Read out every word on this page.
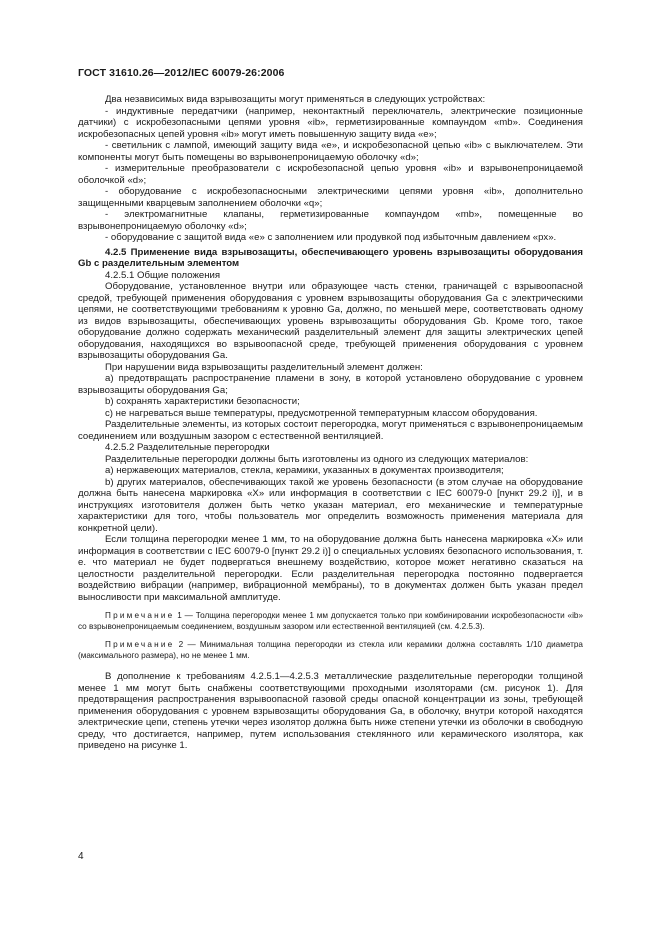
ГОСТ 31610.26—2012/IEC 60079-26:2006

Два независимых вида взрывозащиты могут применяться в следующих устройствах:

- индуктивные передатчики (например, неконтактный переключатель, электрические позиционные датчики) с искробезопасными цепями уровня «ib», герметизированные компаундом «mb». Соединения искробезопасных цепей уровня «ib» могут иметь повышенную защиту вида «е»;

- светильник с лампой, имеющий защиту вида «е», и искробезопасной цепью «ib» с выключателем. Эти компоненты могут быть помещены во взрывонепроницаемую оболочку «d»;

- измерительные преобразователи с искробезопасной цепью уровня «ib» и взрывонепроницаемой оболочкой «d»;

- оборудование с искробезопасносными электрическими цепями уровня «ib», дополнительно защищенными кварцевым заполнением оболочки «q»;

- электромагнитные клапаны, герметизированные компаундом «mb», помещенные во взрывонепроницаемую оболочку «d»;

- оборудование с защитой вида «е» с заполнением или продувкой под избыточным давлением «px».

4.2.5 Применение вида взрывозащиты, обеспечивающего уровень взрывозащиты оборудования Gb с разделительным элементом

4.2.5.1 Общие положения

Оборудование, установленное внутри или образующее часть стенки, граничащей с взрывоопасной средой, требующей применения оборудования с уровнем взрывозащиты оборудования Ga с электрическими цепями, не соответствующими требованиям к уровню Ga, должно, по меньшей мере, соответствовать одному из видов взрывозащиты, обеспечивающих уровень взрывозащиты оборудования Gb. Кроме того, такое оборудование должно содержать механический разделительный элемент для защиты электрических цепей оборудования, находящихся во взрывоопасной среде, требующей применения оборудования с уровнем взрывозащиты оборудования Ga.

При нарушении вида взрывозащиты разделительный элемент должен:

a) предотвращать распространение пламени в зону, в которой установлено оборудование с уровнем взрывозащиты оборудования Ga;

b) сохранять характеристики безопасности;

c) не нагреваться выше температуры, предусмотренной температурным классом оборудования.

Разделительные элементы, из которых состоит перегородка, могут применяться с взрывонепроницаемым соединением или воздушным зазором с естественной вентиляцией.

4.2.5.2 Разделительные перегородки

Разделительные перегородки должны быть изготовлены из одного из следующих материалов:

a) нержавеющих материалов, стекла, керамики, указанных в документах производителя;

b) других материалов, обеспечивающих такой же уровень безопасности (в этом случае на оборудование должна быть нанесена маркировка «X» или информация в соответствии с IEC 60079-0 [пункт 29.2 i)], и в инструкциях изготовителя должен быть четко указан материал, его механические и температурные характеристики для того, чтобы пользователь мог определить возможность применения материала для конкретной цели).

Если толщина перегородки менее 1 мм, то на оборудование должна быть нанесена маркировка «X» или информация в соответствии с IEC 60079-0 [пункт 29.2 i)] о специальных условиях безопасного использования, т. е. что материал не будет подвергаться внешнему воздействию, которое может негативно сказаться на целостности разделительной перегородки. Если разделительная перегородка постоянно подвергается воздействию вибрации (например, вибрационной мембраны), то в документах должен быть указан предел выносливости при максимальной амплитуде.

Примечание 1 — Толщина перегородки менее 1 мм допускается только при комбинировании искробезопасности «ib» со взрывонепроницаемым соединением, воздушным зазором или естественной вентиляцией (см. 4.2.5.3).

Примечание 2 — Минимальная толщина перегородки из стекла или керамики должна составлять 1/10 диаметра (максимального размера), но не менее 1 мм.

В дополнение к требованиям 4.2.5.1—4.2.5.3 металлические разделительные перегородки толщиной менее 1 мм могут быть снабжены соответствующими проходными изоляторами (см. рисунок 1). Для предотвращения распространения взрывоопасной газовой среды опасной концентрации из зоны, требующей применения оборудования с уровнем взрывозащиты оборудования Ga, в оболочку, внутри которой находятся электрические цепи, степень утечки через изолятор должна быть ниже степени утечки из оболочки в свободную среду, что достигается, например, путем использования стеклянного или керамического изолятора, как приведено на рисунке 1.

4
